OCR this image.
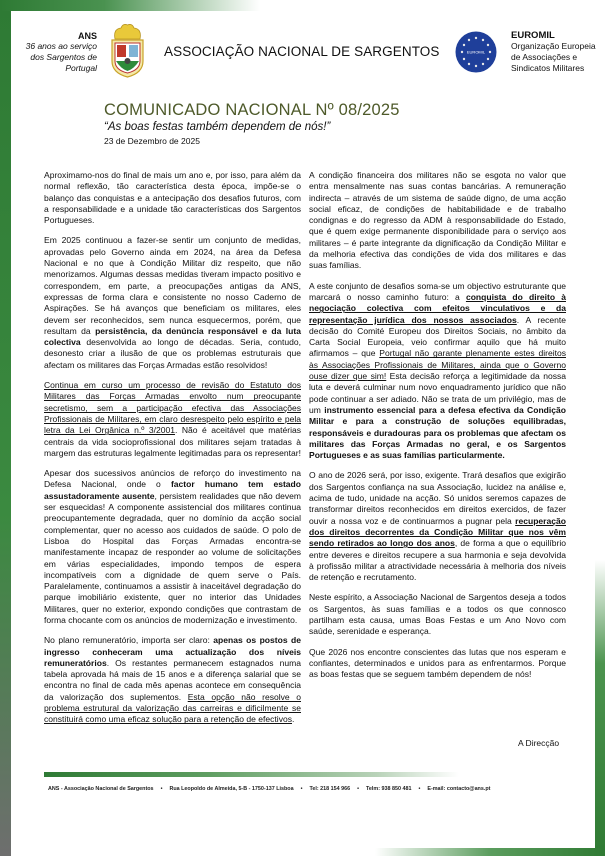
ANS
36 anos ao serviço
dos Sargentos de
Portugal
ASSOCIAÇÃO NACIONAL DE SARGENTOS	EUROMIL
EUROMIL
Organização Europeia
de Associações e
Sindicatos Militares
COMUNICADO NACIONAL Nº 08/2025
“As boas festas também dependem de nós!”
23 de Dezembro de 2025

Aproximamo-nos do final de mais um ano e, por isso, para além da normal reflexão, tão característica desta época, impõe-se o balanço das conquistas e a antecipação dos desafios futuros, com a responsabilidade e a unidade tão características dos Sargentos Portugueses.

Em 2025 continuou a fazer-se sentir um conjunto de medidas, aprovadas pelo Governo ainda em 2024, na área da Defesa Nacional e no que à Condição Militar diz respeito, que não menorizamos. Algumas dessas medidas tiveram impacto positivo e correspondem, em parte, a preocupações antigas da ANS, expressas de forma clara e consistente no nosso Caderno de Aspirações. Se há avanços que beneficiam os militares, eles devem ser reconhecidos, sem nunca esquecermos, porém, que resultam da persistência, da denúncia responsável e da luta colectiva desenvolvida ao longo de décadas. Seria, contudo, desonesto criar a ilusão de que os problemas estruturais que afectam os militares das Forças Armadas estão resolvidos!

Continua em curso um processo de revisão do Estatuto dos Militares das Forças Armadas envolto num preocupante secretismo, sem a participação efectiva das Associações Profissionais de Militares, em claro desrespeito pelo espírito e pela letra da Lei Orgânica n.º 3/2001. Não é aceitável que matérias centrais da vida socioprofissional dos militares sejam tratadas à margem das estruturas legalmente legitimadas para os representar!

Apesar dos sucessivos anúncios de reforço do investimento na Defesa Nacional, onde o factor humano tem estado assustadoramente ausente, persistem realidades que não devem ser esquecidas! A componente assistencial dos militares continua preocupantemente degradada, quer no domínio da acção social complementar, quer no acesso aos cuidados de saúde. O polo de Lisboa do Hospital das Forças Armadas encontra-se manifestamente incapaz de responder ao volume de solicitações em várias especialidades, impondo tempos de espera incompatíveis com a dignidade de quem serve o País. Paralelamente, continuamos a assistir à inaceitável degradação do parque imobiliário existente, quer no interior das Unidades Militares, quer no exterior, expondo condições que contrastam de forma chocante com os anúncios de modernização e investimento.

No plano remuneratório, importa ser claro: apenas os postos de ingresso conheceram uma actualização dos níveis remuneratórios. Os restantes permanecem estagnados numa tabela aprovada há mais de 15 anos e a diferença salarial que se encontra no final de cada mês apenas acontece em consequência da valorização dos suplementos. Esta opção não resolve o problema estrutural da valorização das carreiras e dificilmente se constituirá como uma eficaz solução para a retenção de efectivos.

A condição financeira dos militares não se esgota no valor que entra mensalmente nas suas contas bancárias. A remuneração indirecta – através de um sistema de saúde digno, de uma acção social eficaz, de condições de habitabilidade e de trabalho condignas e do regresso da ADM à responsabilidade do Estado, que é quem exige permanente disponibilidade para o serviço aos militares – é parte integrante da dignificação da Condição Militar e da melhoria efectiva das condições de vida dos militares e das suas famílias.

A este conjunto de desafios soma-se um objectivo estruturante que marcará o nosso caminho futuro: a conquista do direito à negociação colectiva com efeitos vinculativos e da representação jurídica dos nossos associados. A recente decisão do Comité Europeu dos Direitos Sociais, no âmbito da Carta Social Europeia, veio confirmar aquilo que há muito afirmamos – que Portugal não garante plenamente estes direitos às Associações Profissionais de Militares, ainda que o Governo ouse dizer que sim! Esta decisão reforça a legitimidade da nossa luta e deverá culminar num novo enquadramento jurídico que não pode continuar a ser adiado. Não se trata de um privilégio, mas de um instrumento essencial para a defesa efectiva da Condição Militar e para a construção de soluções equilibradas, responsáveis e duradouras para os problemas que afectam os militares das Forças Armadas no geral, e os Sargentos Portugueses e as suas famílias particularmente.

O ano de 2026 será, por isso, exigente. Trará desafios que exigirão dos Sargentos confiança na sua Associação, lucidez na análise e, acima de tudo, unidade na acção. Só unidos seremos capazes de transformar direitos reconhecidos em direitos exercidos, de fazer ouvir a nossa voz e de continuarmos a pugnar pela recuperação dos direitos decorrentes da Condição Militar que nos vêm sendo retirados ao longo dos anos, de forma a que o equilíbrio entre deveres e direitos recupere a sua harmonia e seja devolvida à profissão militar a atractividade necessária à melhoria dos níveis de retenção e recrutamento.

Neste espírito, a Associação Nacional de Sargentos deseja a todos os Sargentos, às suas famílias e a todos os que connosco partilham esta causa, umas Boas Festas e um Ano Novo com saúde, serenidade e esperança.

Que 2026 nos encontre conscientes das lutas que nos esperam e confiantes, determinados e unidos para as enfrentarmos. Porque as boas festas que se seguem também dependem de nós!

A Direcção
ANS - Associação Nacional de Sargentos • Rua Leopoldo de Almeida, 5-B - 1750-137 Lisboa • Tel: 218 154 966 • Telm: 938 850 481 • E-mail: contacto@ans.pt
